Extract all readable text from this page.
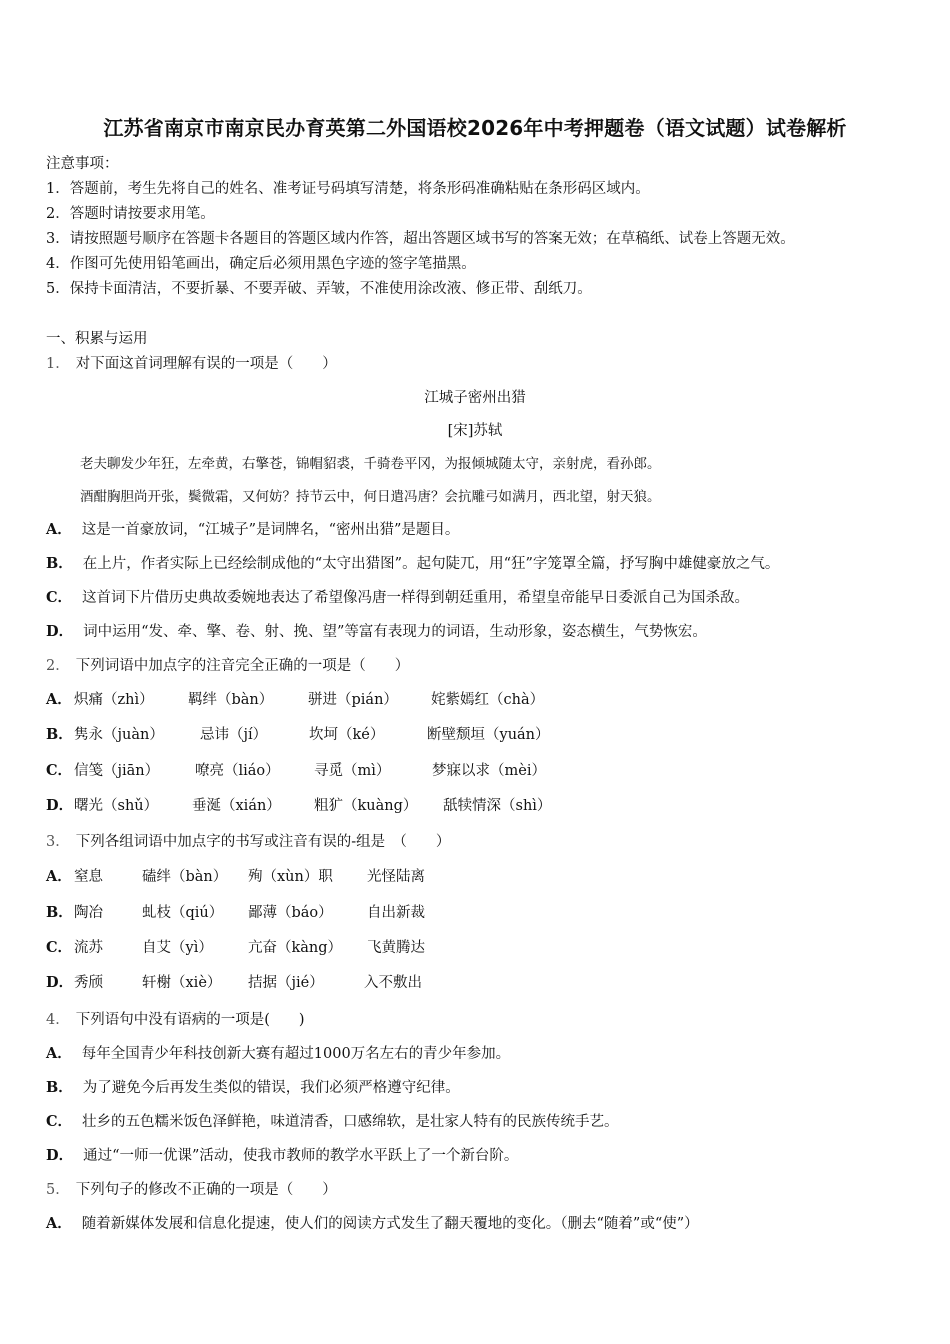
江苏省南京市南京民办育英第二外国语校2026年中考押题卷（语文试题）试卷解析
注意事项：
1．答题前，考生先将自己的姓名、准考证号码填写清楚，将条形码准确粘贴在条形码区域内。
2．答题时请按要求用笔。
3．请按照题号顺序在答题卡各题目的答题区域内作答，超出答题区域书写的答案无效；在草稿纸、试卷上答题无效。
4．作图可先使用铅笔画出，确定后必须用黑色字迹的签字笔描黑。
5．保持卡面清洁，不要折暴、不要弄破、弄皱，不准使用涂改液、修正带、刮纸刀。
一、积累与运用
1． 对下面这首词理解有误的一项是（　　）
江城子密州出猎
[宋]苏轼
老夫聊发少年狂，左牵黄，右擎苍，锦帽貂裘，千骑卷平冈，为报倾城随太守，亲射虎，看孙郎。
酒酣胸胆尚开张，鬓微霜，又何妨？持节云中，何日遣冯唐？会抗雕弓如满月，西北望，射天狼。
A． 这是一首豪放词，“江城子”是词牌名，“密州出猎”是题目。
B． 在上片，作者实际上已经绘制成他的“太守出猎图”。起句陡兀，用“狂”字笼罩全篇，抒写胸中雄健豪放之气。
C． 这首词下片借历史典故委婉地表达了希望像冯唐一样得到朝廷重用，希望皇帝能早日委派自己为国杀敌。
D． 词中运用“发、牵、擎、卷、射、挽、望”等富有表现力的词语，生动形象，姿态横生，气势恢宏。
2． 下列词语中加点字的注音完全正确的一项是（　　）
A． 炽痛（zhì） 羁绊（bàn） 骈进（pián） 姹紫嫣红（chà）
B． 隽永（juàn） 忌讳（jí）	坎坷（ké）	断壁颓垣（yuán）
C． 信笺（jiān） 嘹亮（liáo） 寻觅（mì）	梦寐以求（mèi）
D． 曙光（shǔ） 垂涎（xián） 粗犷（kuàng） 舐犊情深（shì）
3． 下列各组词语中加点字的书写或注音有误的-组是　（　　）
A． 窒息	磕绊（bàn） 殉（xùn）职 光怪陆离
B． 陶冶	虬枝（qiú） 鄙薄（báo） 自出新裁
C． 流苏	自艾（yì） 亢奋（kàng） 飞黄腾达
D． 秀颀	轩榭（xiè） 拮据（jié）	入不敷出
4． 下列语句中没有语病的一项是(　　)
A． 每年全国青少年科技创新大赛有超过1000万名左右的青少年参加。
B． 为了避免今后再发生类似的错误，我们必须严格遵守纪律。
C． 壮乡的五色糯米饭色泽鲜艳，味道清香，口感绵软，是壮家人特有的民族传统手艺。
D． 通过“一师一优课”活动，使我市教师的教学水平跃上了一个新台阶。
5． 下列句子的修改不正确的一项是（　　）
A． 随着新媒体发展和信息化提速，使人们的阅读方式发生了翻天覆地的变化。（删去“随着”或“使”）
